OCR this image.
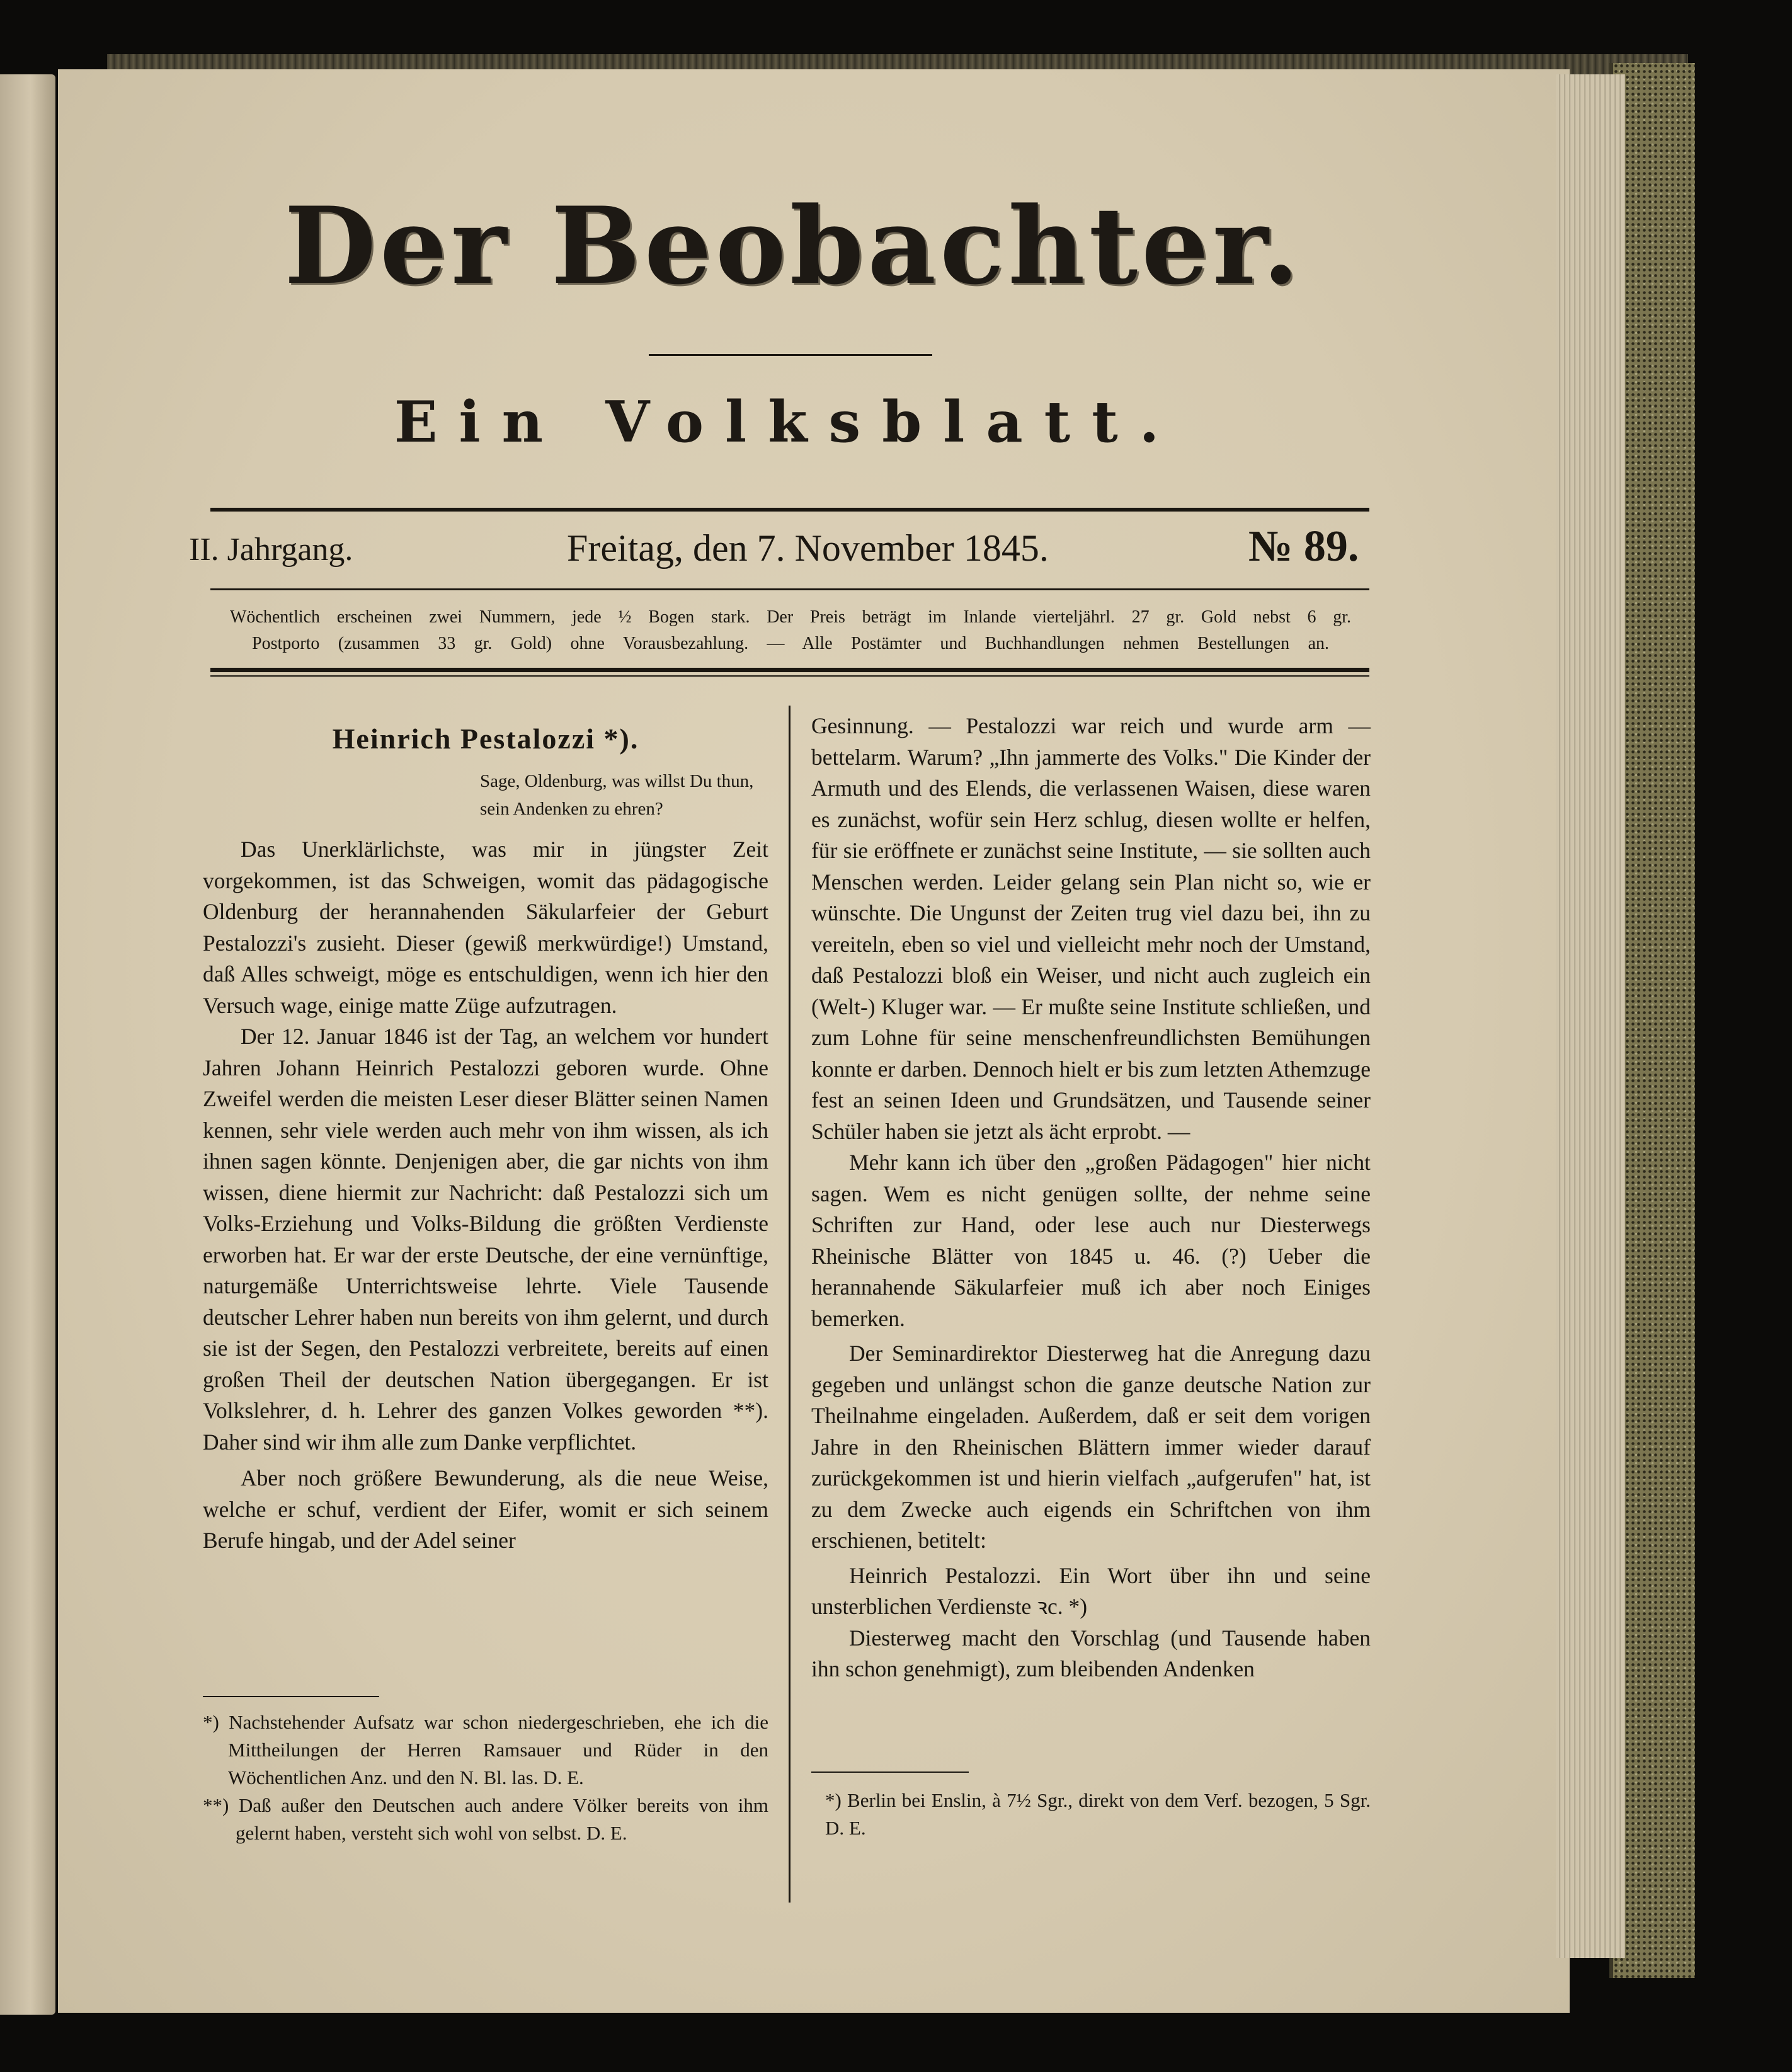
Der Beobachter.
Ein Volksblatt.
II. Jahrgang.	Freitag, den 7. November 1845.	№ 89.
Wöchentlich erscheinen zwei Nummern, jede ½ Bogen stark. Der Preis beträgt im Inlande vierteljährl. 27 gr. Gold nebst 6 gr.
Postporto (zusammen 33 gr. Gold) ohne Vorausbezahlung. — Alle Postämter und Buchhandlungen nehmen Bestellungen an.

Heinrich Pestalozzi *).

Sage, Oldenburg, was willst Du thun, sein Andenken zu ehren?

Das Unerklärlichste, was mir in jüngster Zeit vorgekommen, ist das Schweigen, womit das pädagogische Oldenburg der herannahenden Säkularfeier der Geburt Pestalozzi's zusieht. Dieser (gewiß merkwürdige!) Umstand, daß Alles schweigt, möge es entschuldigen, wenn ich hier den Versuch wage, einige matte Züge aufzutragen.

Der 12. Januar 1846 ist der Tag, an welchem vor hundert Jahren Johann Heinrich Pestalozzi geboren wurde. Ohne Zweifel werden die meisten Leser dieser Blätter seinen Namen kennen, sehr viele werden auch mehr von ihm wissen, als ich ihnen sagen könnte. Denjenigen aber, die gar nichts von ihm wissen, diene hiermit zur Nachricht: daß Pestalozzi sich um Volks-Erziehung und Volks-Bildung die größten Verdienste erworben hat. Er war der erste Deutsche, der eine vernünftige, naturgemäße Unterrichtsweise lehrte. Viele Tausende deutscher Lehrer haben nun bereits von ihm gelernt, und durch sie ist der Segen, den Pestalozzi verbreitete, bereits auf einen großen Theil der deutschen Nation übergegangen. Er ist Volkslehrer, d. h. Lehrer des ganzen Volkes geworden **). Daher sind wir ihm alle zum Danke verpflichtet.

Aber noch größere Bewunderung, als die neue Weise, welche er schuf, verdient der Eifer, womit er sich seinem Berufe hingab, und der Adel seiner

*) Nachstehender Aufsatz war schon niedergeschrieben, ehe ich die Mittheilungen der Herren Ramsauer und Rüder in den Wöchentlichen Anz. und den N. Bl. las. D. E.

**) Daß außer den Deutschen auch andere Völker bereits von ihm gelernt haben, versteht sich wohl von selbst. D. E.

Gesinnung. — Pestalozzi war reich und wurde arm — bettelarm. Warum? „Ihn jammerte des Volks." Die Kinder der Armuth und des Elends, die verlassenen Waisen, diese waren es zunächst, wofür sein Herz schlug, diesen wollte er helfen, für sie eröffnete er zunächst seine Institute, — sie sollten auch Menschen werden. Leider gelang sein Plan nicht so, wie er wünschte. Die Ungunst der Zeiten trug viel dazu bei, ihn zu vereiteln, eben so viel und vielleicht mehr noch der Umstand, daß Pestalozzi bloß ein Weiser, und nicht auch zugleich ein (Welt-) Kluger war. — Er mußte seine Institute schließen, und zum Lohne für seine menschenfreundlichsten Bemühungen konnte er darben. Dennoch hielt er bis zum letzten Athemzuge fest an seinen Ideen und Grundsätzen, und Tausende seiner Schüler haben sie jetzt als ächt erprobt. —

Mehr kann ich über den „großen Pädagogen" hier nicht sagen. Wem es nicht genügen sollte, der nehme seine Schriften zur Hand, oder lese auch nur Diesterwegs Rheinische Blätter von 1845 u. 46. (?) Ueber die herannahende Säkularfeier muß ich aber noch Einiges bemerken.

Der Seminardirektor Diesterweg hat die Anregung dazu gegeben und unlängst schon die ganze deutsche Nation zur Theilnahme eingeladen. Außerdem, daß er seit dem vorigen Jahre in den Rheinischen Blättern immer wieder darauf zurückgekommen ist und hierin vielfach „aufgerufen" hat, ist zu dem Zwecke auch eigends ein Schriftchen von ihm erschienen, betitelt:

Heinrich Pestalozzi. Ein Wort über ihn und seine unsterblichen Verdienste ꝛc. *)

Diesterweg macht den Vorschlag (und Tausende haben ihn schon genehmigt), zum bleibenden Andenken

*) Berlin bei Enslin, à 7½ Sgr., direkt von dem Verf. bezogen, 5 Sgr. D. E.
